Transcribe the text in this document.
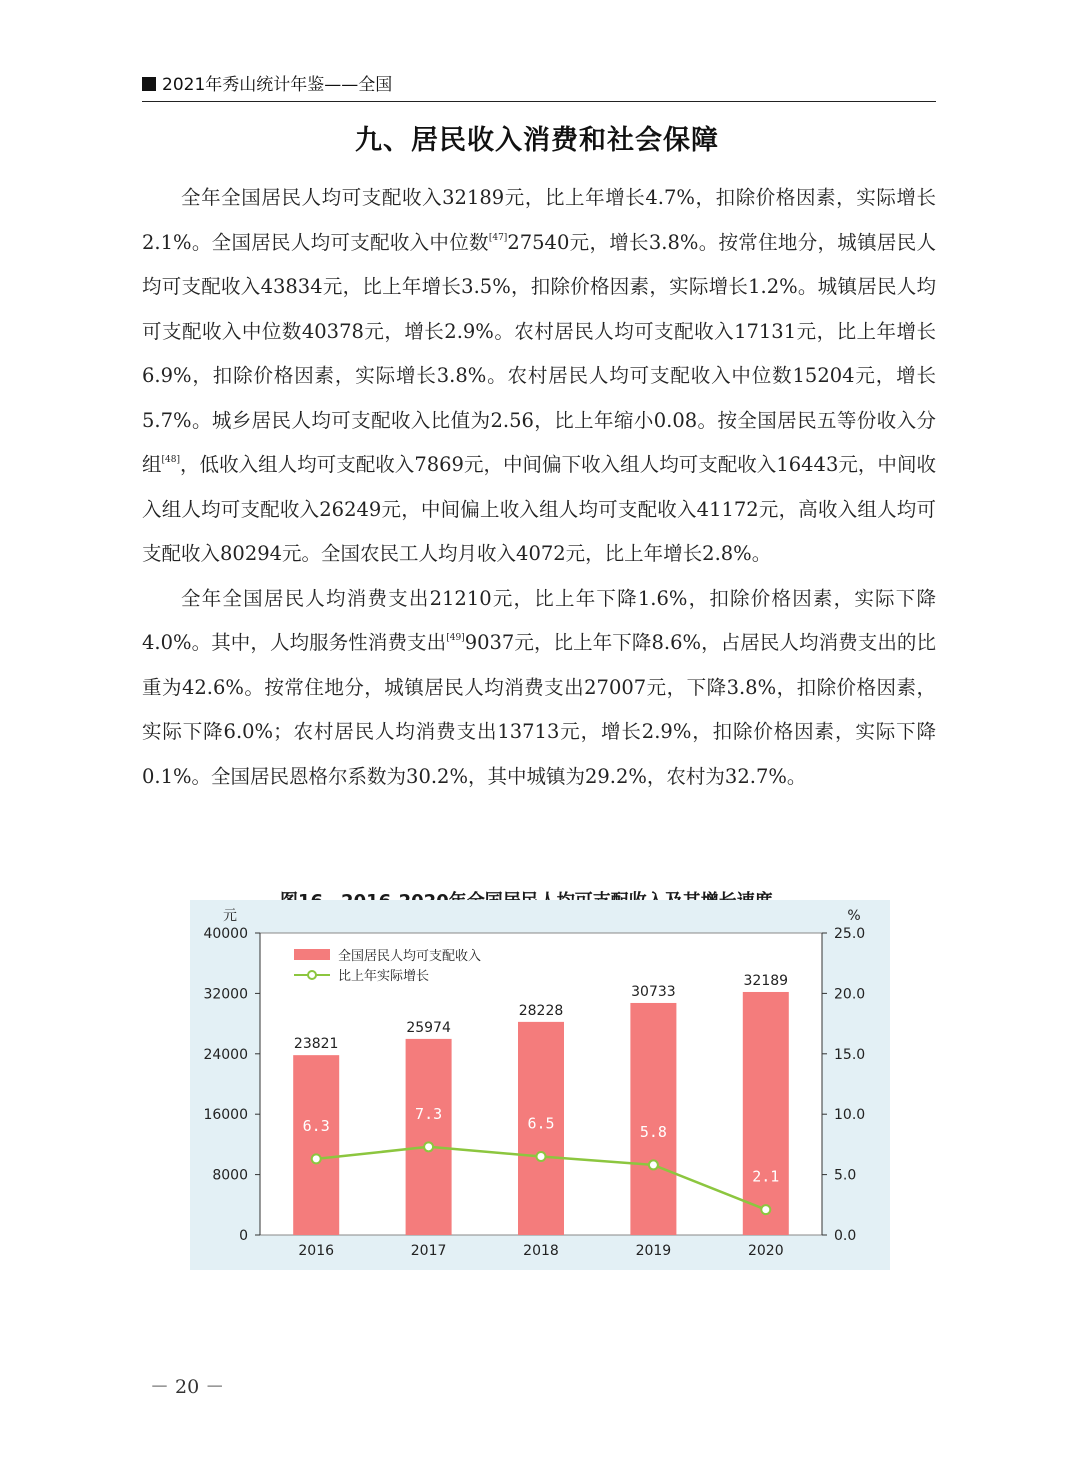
2021年秀山统计年鉴——全国
九、居民收入消费和社会保障

全年全国居民人均可支配收入32189元，比上年增长4.7%，扣除价格因素，实际增长2.1%。全国居民人均可支配收入中位数[47]27540元，增长3.8%。按常住地分，城镇居民人均可支配收入43834元，比上年增长3.5%，扣除价格因素，实际增长1.2%。城镇居民人均可支配收入中位数40378元，增长2.9%。农村居民人均可支配收入17131元，比上年增长6.9%，扣除价格因素，实际增长3.8%。农村居民人均可支配收入中位数15204元，增长5.7%。城乡居民人均可支配收入比值为2.56，比上年缩小0.08。按全国居民五等份收入分组[48]，低收入组人均可支配收入7869元，中间偏下收入组人均可支配收入16443元，中间收入组人均可支配收入26249元，中间偏上收入组人均可支配收入41172元，高收入组人均可支配收入80294元。全国农民工人均月收入4072元，比上年增长2.8%。

全年全国居民人均消费支出21210元，比上年下降1.6%，扣除价格因素，实际下降4.0%。其中，人均服务性消费支出[49]9037元，比上年下降8.6%，占居民人均消费支出的比重为42.6%。按常住地分，城镇居民人均消费支出27007元，下降3.8%，扣除价格因素，实际下降6.0%；农村居民人均消费支出13713元，增长2.9%，扣除价格因素，实际下降0.1%。全国居民恩格尔系数为30.2%，其中城镇为29.2%，农村为32.7%。

元	%
0
8000
16000
24000
32000
40000
0.0
5.0
10.0
15.0
20.0
25.0
23821
2016
25974
2017
28228
2018
30733
2019
32189
2020
6.3
7.3
6.5	5.8
2.1
全国居民人均可支配收入
比上年实际增长
－ 20 －
